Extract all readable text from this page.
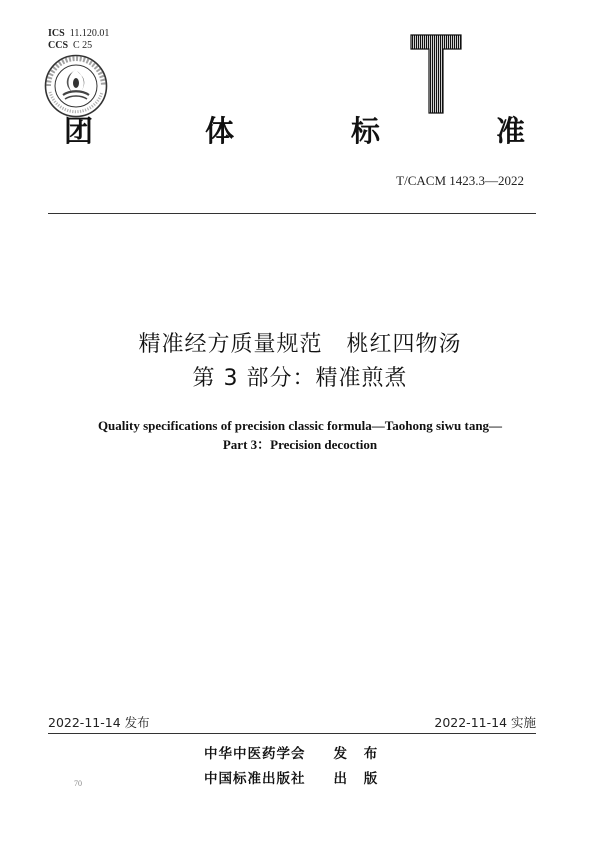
ICS 11.120.01
CCS C 25
T
团	体	标	准
T/CACM 1423.3—2022
精准经方质量规范 桃红四物汤
第 3 部分：精准煎煮
Quality specifications of precision classic formula—Taohong siwu tang—
Part 3：Precision decoction
2022-11-14 发布	2022-11-14 实施
中华中医药学会 发 布
中国标准出版社 出 版
70
